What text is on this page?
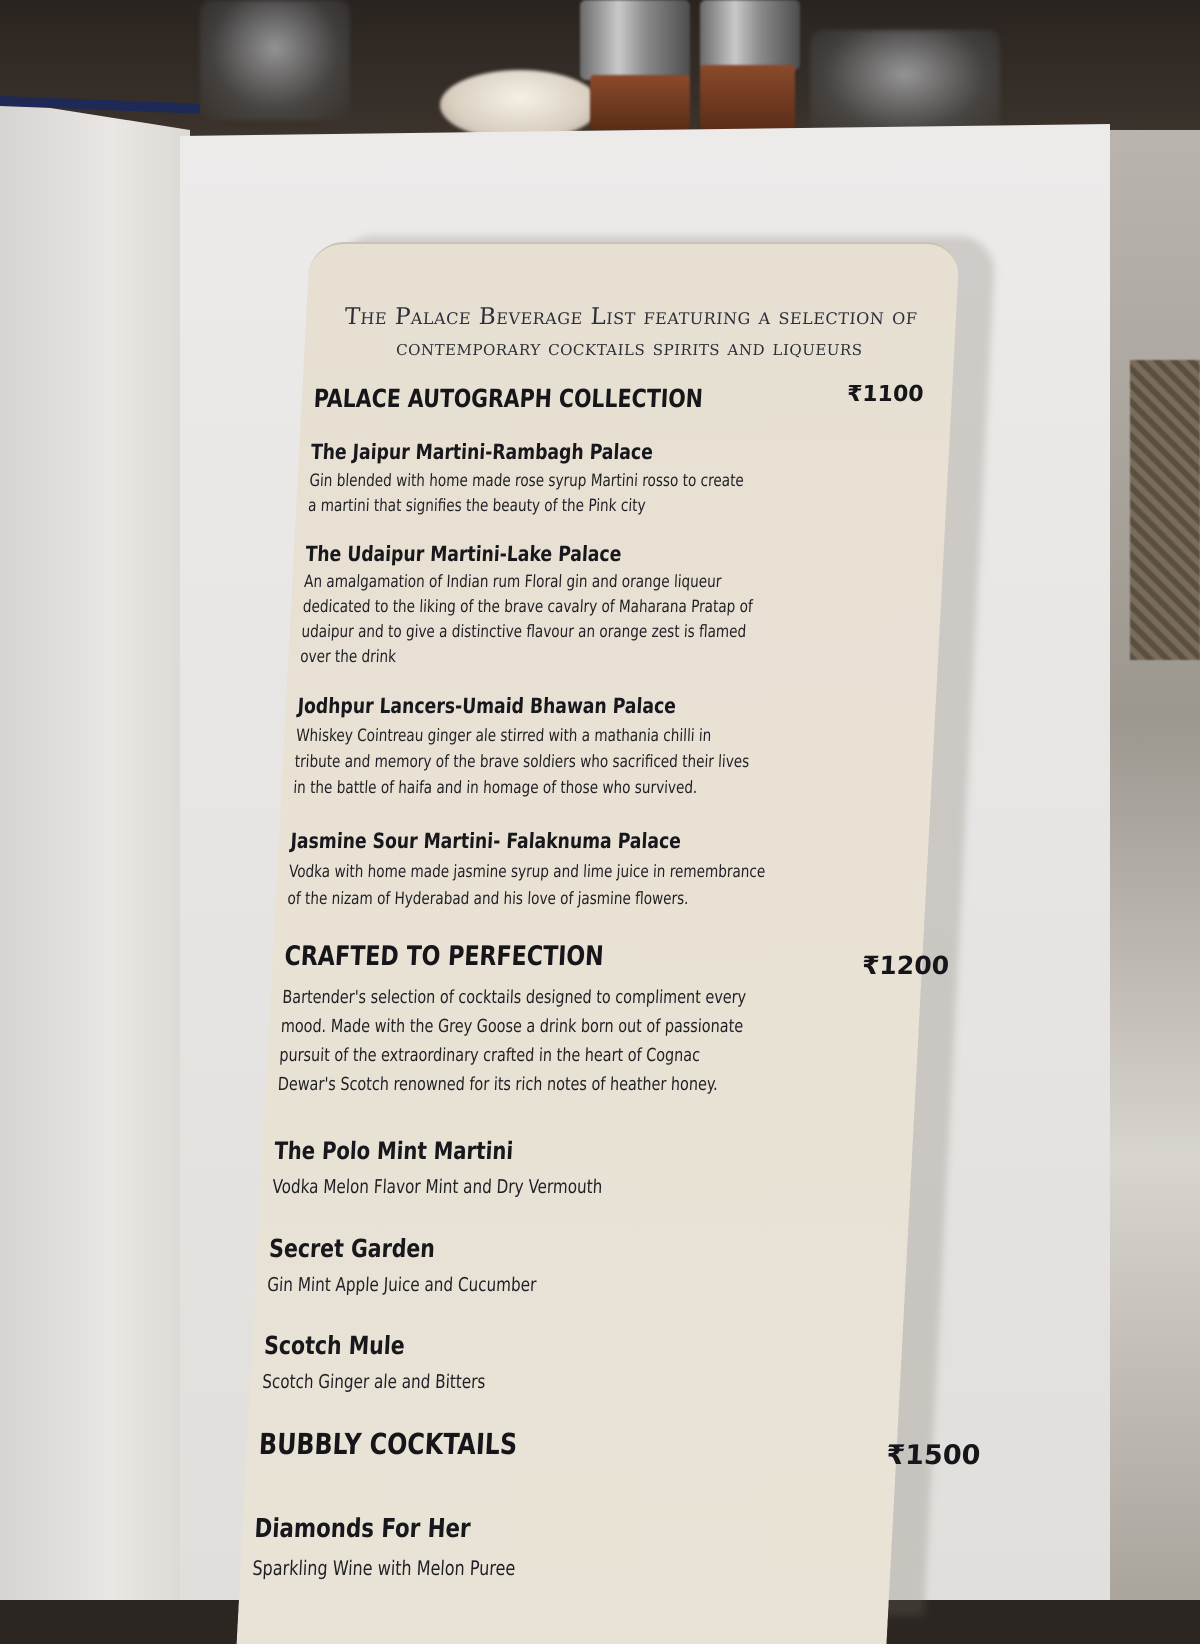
The Palace Beverage List featuring a selection of
contemporary cocktails spirits and liqueurs
PALACE AUTOGRAPH COLLECTION	₹1100
The Jaipur Martini-Rambagh Palace
Gin blended with home made rose syrup Martini rosso to create
a martini that signifies the beauty of the Pink city
The Udaipur Martini-Lake Palace
An amalgamation of Indian rum Floral gin and orange liqueur
dedicated to the liking of the brave cavalry of Maharana Pratap of
udaipur and to give a distinctive flavour an orange zest is flamed
over the drink
Jodhpur Lancers-Umaid Bhawan Palace
Whiskey Cointreau ginger ale stirred with a mathania chilli in
tribute and memory of the brave soldiers who sacrificed their lives
in the battle of haifa and in homage of those who survived.
Jasmine Sour Martini- Falaknuma Palace
Vodka with home made jasmine syrup and lime juice in remembrance
of the nizam of Hyderabad and his love of jasmine flowers.
CRAFTED TO PERFECTION	₹1200
Bartender's selection of cocktails designed to compliment every
mood. Made with the Grey Goose a drink born out of passionate
pursuit of the extraordinary crafted in the heart of Cognac
Dewar's Scotch renowned for its rich notes of heather honey.
The Polo Mint Martini
Vodka Melon Flavor Mint and Dry Vermouth
Secret Garden
Gin Mint Apple Juice and Cucumber
Scotch Mule
Scotch Ginger ale and Bitters
BUBBLY COCKTAILS	₹1500
Diamonds For Her
Sparkling Wine with Melon Puree
